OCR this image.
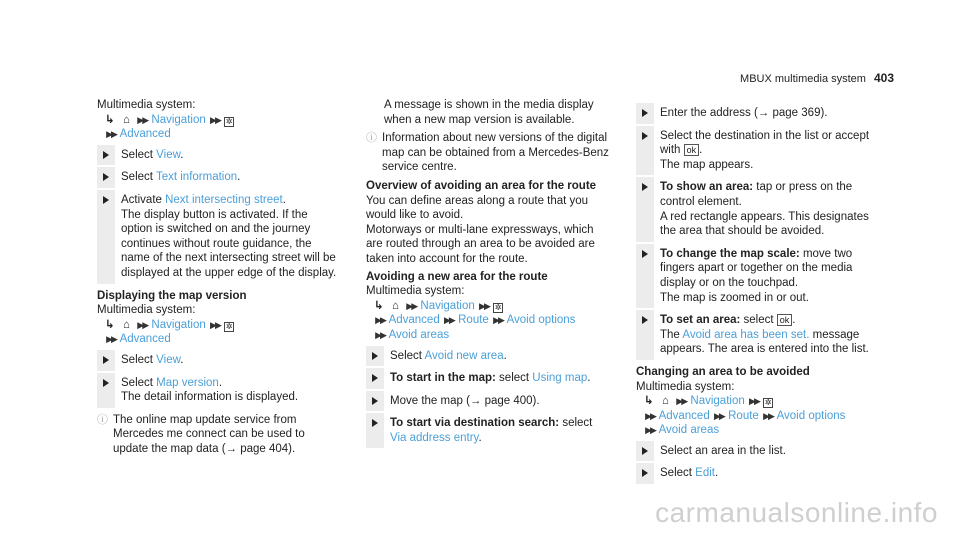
MBUX multimedia system 403
Multimedia system:
↳ ⌂ ▶▶ Navigation ▶▶ ✲
▶▶ Advanced
Select View.
Select Text information.
Activate Next intersecting street.
The display button is activated. If the option is switched on and the journey continues without route guidance, the name of the next intersecting street will be displayed at the upper edge of the display.
Displaying the map version
Multimedia system:
↳ ⌂ ▶▶ Navigation ▶▶ ✲
▶▶ Advanced
Select View.
Select Map version.
The detail information is displayed.
ⓘ The online map update service from Mercedes me connect can be used to update the map data (→ page 404).
A message is shown in the media display when a new map version is available.
ⓘ Information about new versions of the digital map can be obtained from a Mercedes-Benz service centre.
Overview of avoiding an area for the route
You can define areas along a route that you would like to avoid.
Motorways or multi-lane expressways, which are routed through an area to be avoided are taken into account for the route.
Avoiding a new area for the route
Multimedia system:
↳ ⌂ ▶▶ Navigation ▶▶ ✲
▶▶ Advanced ▶▶ Route ▶▶ Avoid options
▶▶ Avoid areas
Select Avoid new area.
To start in the map: select Using map.
Move the map (→ page 400).
To start via destination search: select Via address entry.
Enter the address (→ page 369).
Select the destination in the list or accept with ok .
The map appears.
To show an area: tap or press on the control element.
A red rectangle appears. This designates the area that should be avoided.
To change the map scale: move two fingers apart or together on the media display or on the touchpad.
The map is zoomed in or out.
To set an area: select ok .
The Avoid area has been set. message appears. The area is entered into the list.
Changing an area to be avoided
Multimedia system:
↳ ⌂ ▶▶ Navigation ▶▶ ✲
▶▶ Advanced ▶▶ Route ▶▶ Avoid options
▶▶ Avoid areas
Select an area in the list.
Select Edit.
carmanualsonline.info
